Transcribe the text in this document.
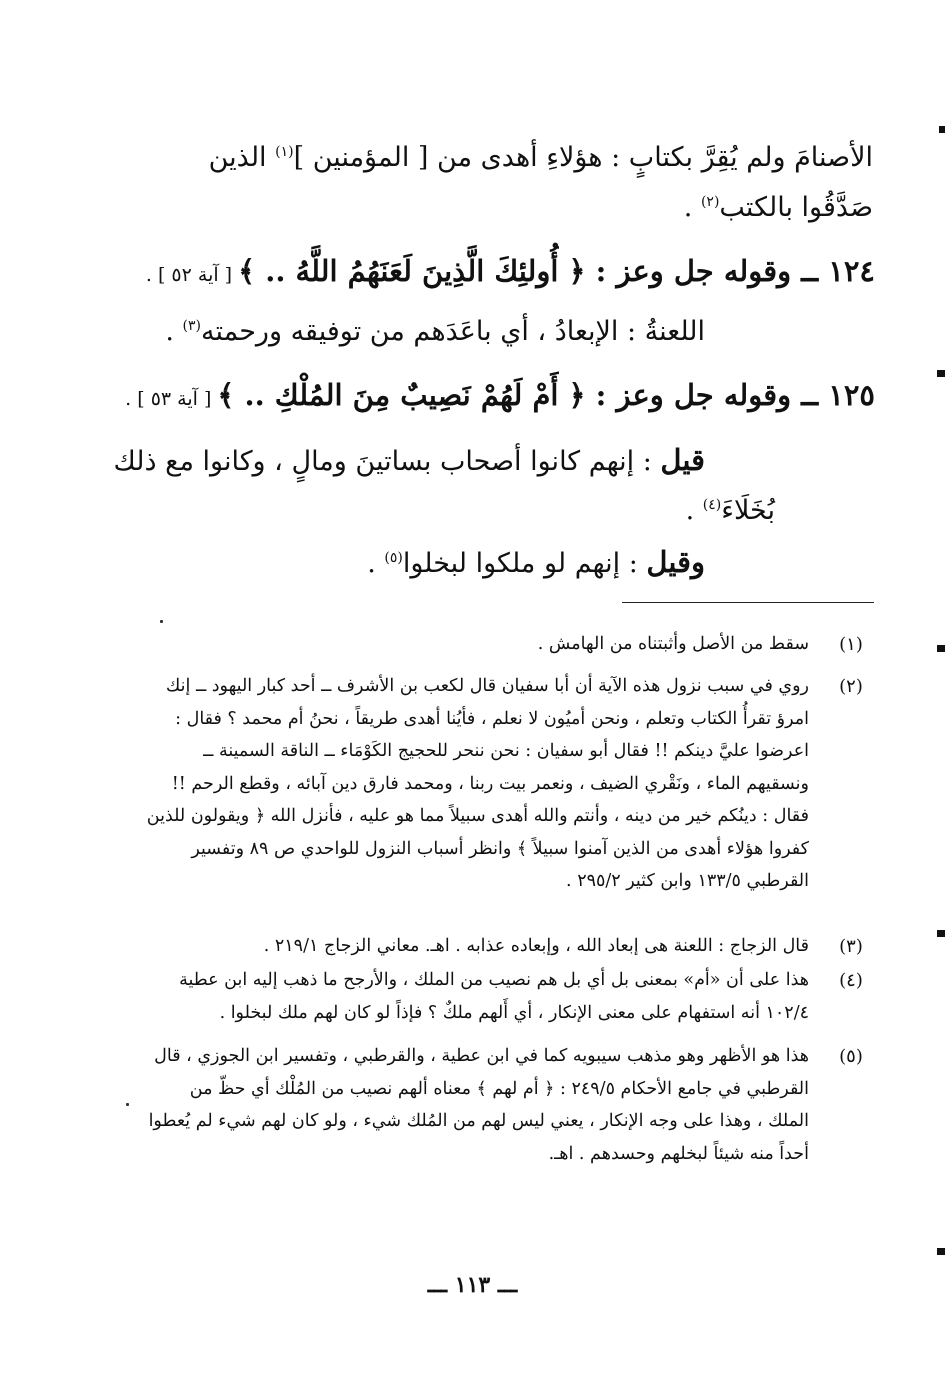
الأصنامَ ولم يُقِرَّ بكتابٍ : هؤلاءِ أهدى من [ المؤمنين ]$^{(١)}$ الذين
صَدَّقُوا بالكتب$^{(٢)}$ .
١٢٤ ــ وقوله جل وعز : ﴿ أُولئِكَ الَّذِينَ لَعَنَهُمُ اللَّهُ .. ﴾ [ آية ٥٢ ] .
اللعنةُ : الإبعادُ ، أي باعَدَهم من توفيقه ورحمته$^{(٣)}$ .
١٢٥ ــ وقوله جل وعز : ﴿ أَمْ لَهُمْ نَصِيبٌ مِنَ المُلْكِ .. ﴾ [ آية ٥٣ ] .
قيل : إنهم كانوا أصحاب بساتينَ ومالٍ ، وكانوا مع ذلك
بُخَلَاءَ$^{(٤)}$ .
وقيل : إنهم لو ملكوا لبخلوا$^{(٥)}$ .
(١)
سقط من الأصل وأثبتناه من الهامش .
(٢)
روي في سبب نزول هذه الآية أن أبا سفيان قال لكعب بن الأشرف ــ أحد كبار اليهود ــ إنك
امرؤ تقرأُ الكتاب وتعلم ، ونحن أميُون لا نعلم ، فأيُنا أهدى طريقاً ، نحنُ أم محمد ؟ فقال :
اعرضوا عليَّ دينكم !! فقال أبو سفيان : نحن ننحر للحجيج الكَوْمَاء ــ الناقة السمينة ــ
ونسقيهم الماء ، ونَقْري الضيف ، ونعمر بيت ربنا ، ومحمد فارق دين آبائه ، وقطع الرحم !!
فقال : دينُكم خير من دينه ، وأنتم والله أهدى سبيلاً مما هو عليه ، فأنزل الله ﴿ ويقولون للذين
كفروا هؤلاء أهدى من الذين آمنوا سبيلاً ﴾ وانظر أسباب النزول للواحدي ص ٨٩ وتفسير
القرطبي ١٣٣/٥ وابن كثير ٢٩٥/٢ .
(٣)
قال الزجاج : اللعنة هى إبعاد الله ، وإبعاده عذابه . اهـ. معاني الزجاج ٢١٩/١ .
(٤)
هذا على أن «أم» بمعنى بل أي بل هم نصيب من الملك ، والأرجح ما ذهب إليه ابن عطية
١٠٢/٤ أنه استفهام على معنى الإنكار ، أي أَلهم ملكٌ ؟ فإذاً لو كان لهم ملك لبخلوا .
(٥)
هذا هو الأظهر وهو مذهب سيبويه كما في ابن عطية ، والقرطبي ، وتفسير ابن الجوزي ، قال
القرطبي في جامع الأحكام ٢٤٩/٥ : ﴿ أم لهم ﴾ معناه ألهم نصيب من المُلْك أي حظّ من
الملك ، وهذا على وجه الإنكار ، يعني ليس لهم من المُلك شيء ، ولو كان لهم شيء لم يُعطوا
أحداً منه شيئاً لبخلهم وحسدهم . اهـ.
ـــ ١١٣ ـــ
